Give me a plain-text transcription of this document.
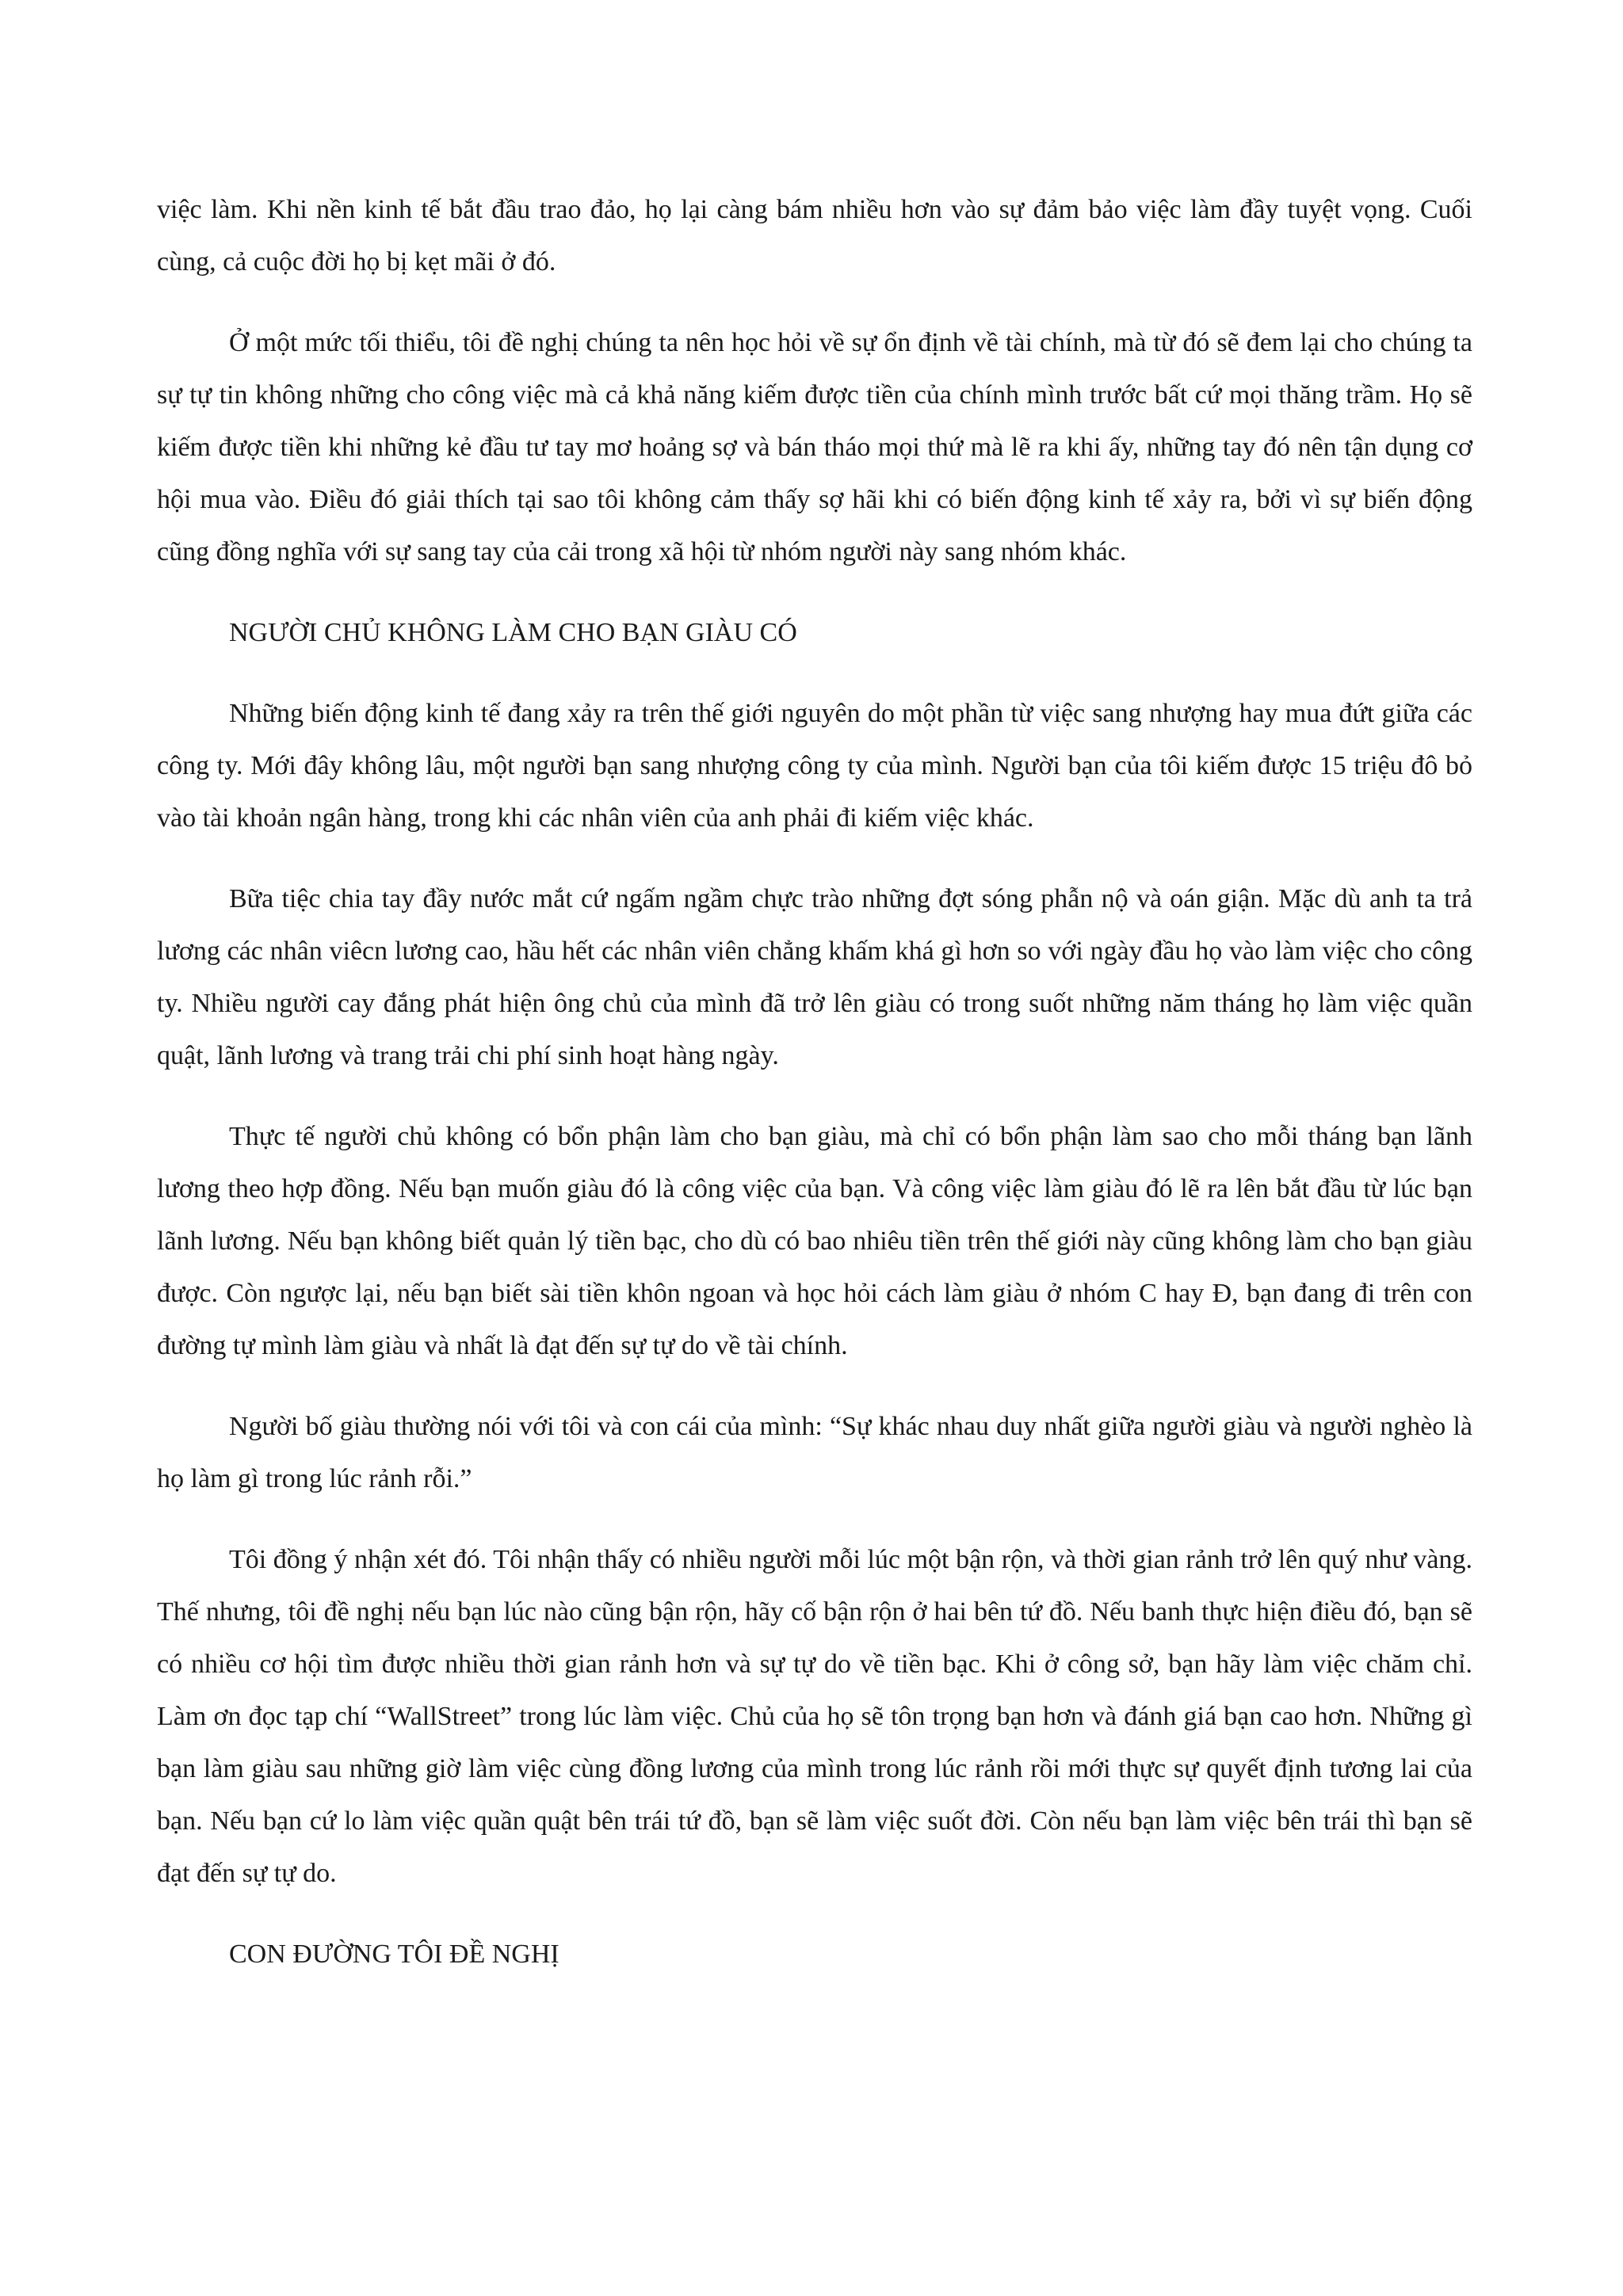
việc làm. Khi nền kinh tế bắt đầu trao đảo, họ lại càng bám nhiều hơn vào sự đảm bảo việc làm đầy tuyệt vọng. Cuối cùng, cả cuộc đời họ bị kẹt mãi ở đó.

Ở một mức tối thiểu, tôi đề nghị chúng ta nên học hỏi về sự ổn định về tài chính, mà từ đó sẽ đem lại cho chúng ta sự tự tin không những cho công việc mà cả khả năng kiếm được tiền của chính mình trước bất cứ mọi thăng trầm. Họ sẽ kiếm được tiền khi những kẻ đầu tư tay mơ hoảng sợ và bán tháo mọi thứ mà lẽ ra khi ấy, những tay đó nên tận dụng cơ hội mua vào. Điều đó giải thích tại sao tôi không cảm thấy sợ hãi khi có biến động kinh tế xảy ra, bởi vì sự biến động cũng đồng nghĩa với sự sang tay của cải trong xã hội từ nhóm người này sang nhóm khác.

NGƯỜI CHỦ KHÔNG LÀM CHO BẠN GIÀU CÓ

Những biến động kinh tế đang xảy ra trên thế giới nguyên do một phần từ việc sang nhượng hay mua đứt giữa các công ty. Mới đây không lâu, một người bạn sang nhượng công ty của mình. Người bạn của tôi kiếm được 15 triệu đô bỏ vào tài khoản ngân hàng, trong khi các nhân viên của anh phải đi kiếm việc khác.

Bữa tiệc chia tay đầy nước mắt cứ ngấm ngầm chực trào những đợt sóng phẫn nộ và oán giận. Mặc dù anh ta trả lương các nhân viêcn lương cao, hầu hết các nhân viên chẳng khấm khá gì hơn so với ngày đầu họ vào làm việc cho công ty. Nhiều người cay đắng phát hiện ông chủ của mình đã trở lên giàu có trong suốt những năm tháng họ làm việc quần quật, lãnh lương và trang trải chi phí sinh hoạt hàng ngày.

Thực tế người chủ không có bổn phận làm cho bạn giàu, mà chỉ có bổn phận làm sao cho mỗi tháng bạn lãnh lương theo hợp đồng. Nếu bạn muốn giàu đó là công việc của bạn. Và công việc làm giàu đó lẽ ra lên bắt đầu từ lúc bạn lãnh lương. Nếu bạn không biết quản lý tiền bạc, cho dù có bao nhiêu tiền trên thế giới này cũng không làm cho bạn giàu được. Còn ngược lại, nếu bạn biết sài tiền khôn ngoan và học hỏi cách làm giàu ở nhóm C hay Đ, bạn đang đi trên con đường tự mình làm giàu và nhất là đạt đến sự tự do về tài chính.

Người bố giàu thường nói với tôi và con cái của mình: “Sự khác nhau duy nhất giữa người giàu và người nghèo là họ làm gì trong lúc rảnh rỗi.”

Tôi đồng ý nhận xét đó. Tôi nhận thấy có nhiều người mỗi lúc một bận rộn, và thời gian rảnh trở lên quý như vàng. Thế nhưng, tôi đề nghị nếu bạn lúc nào cũng bận rộn, hãy cố bận rộn ở hai bên tứ đồ. Nếu banh thực hiện điều đó, bạn sẽ có nhiều cơ hội tìm được nhiều thời gian rảnh hơn và sự tự do về tiền bạc. Khi ở công sở, bạn hãy làm việc chăm chỉ. Làm ơn đọc tạp chí “WallStreet” trong lúc làm việc. Chủ của họ sẽ tôn trọng bạn hơn và đánh giá bạn cao hơn. Những gì bạn làm giàu sau những giờ làm việc cùng đồng lương của mình trong lúc rảnh rồi mới thực sự quyết định tương lai của bạn. Nếu bạn cứ lo làm việc quần quật bên trái tứ đồ, bạn sẽ làm việc suốt đời. Còn nếu bạn làm việc bên trái thì bạn sẽ đạt đến sự tự do.

CON ĐƯỜNG TÔI ĐỀ NGHỊ
